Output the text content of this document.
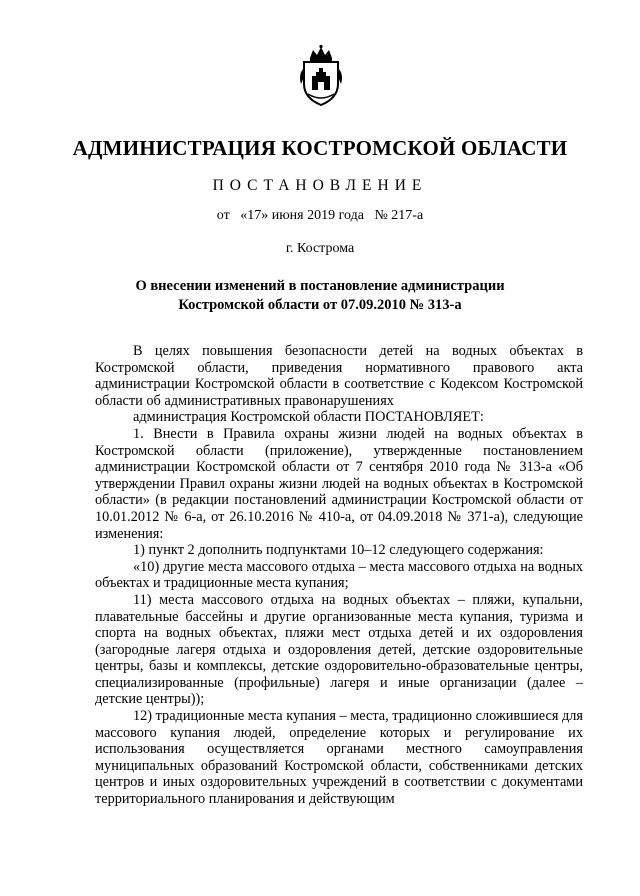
АДМИНИСТРАЦИЯ КОСТРОМСКОЙ ОБЛАСТИ
ПОСТАНОВЛЕНИЕ
от   «17» июня 2019 года   № 217-а
г. Кострома
О внесении изменений в постановление администрации
Костромской области от 07.09.2010 № 313-а

В целях повышения безопасности детей на водных объектах в Костромской области, приведения нормативного правового акта администрации Костромской области в соответствие с Кодексом Костромской области об административных правонарушениях

администрация Костромской области ПОСТАНОВЛЯЕТ:

1. Внести в Правила охраны жизни людей на водных объектах в Костромской области (приложение), утвержденные постановлением администрации Костромской области от 7 сентября 2010 года № 313-а «Об утверждении Правил охраны жизни людей на водных объектах в Костромской области» (в редакции постановлений администрации Костромской области от 10.01.2012 № 6-а, от 26.10.2016 № 410-а, от 04.09.2018 № 371-а), следующие изменения:

1) пункт 2 дополнить подпунктами 10–12 следующего содержания:

«10) другие места массового отдыха – места массового отдыха на водных объектах и традиционные места купания;

11) места массового отдыха на водных объектах – пляжи, купальни, плавательные бассейны и другие организованные места купания, туризма и спорта на водных объектах, пляжи мест отдыха детей и их оздоровления (загородные лагеря отдыха и оздоровления детей, детские оздоровительные центры, базы и комплексы, детские оздоровительно-образовательные центры, специализированные (профильные) лагеря и иные организации (далее – детские центры));

12) традиционные места купания – места, традиционно сложившиеся для массового купания людей, определение которых и регулирование их использования осуществляется органами местного самоуправления муниципальных образований Костромской области, собственниками детских центров и иных оздоровительных учреждений в соответствии с документами территориального планирования и действующим
